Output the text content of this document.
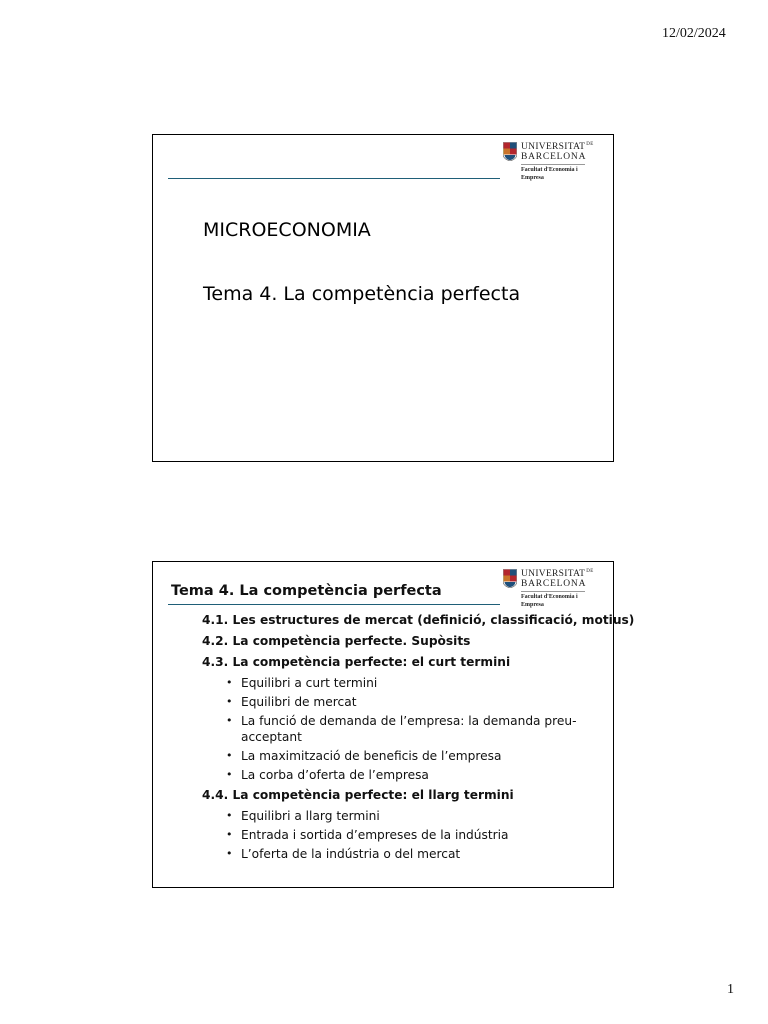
12/02/2024
$UNIVERSITAT^{DE}$
BARCELONA
Facultat d'Economia i Empresa
MICROECONOMIA
Tema 4. La competència perfecta
$UNIVERSITAT^{DE}$
BARCELONA
Facultat d'Economia i Empresa
Tema 4. La competència perfecta
4.1. Les estructures de mercat (definició, classificació, motius)
4.2. La competència perfecte. Supòsits
4.3. La competència perfecte: el curt termini
• Equilibri a curt termini
• Equilibri de mercat
• La funció de demanda de l’empresa: la demanda preu-acceptant
• La maximització de beneficis de l’empresa
• La corba d’oferta de l’empresa
4.4. La competència perfecte: el llarg termini
• Equilibri a llarg termini
• Entrada i sortida d’empreses de la indústria
• L’oferta de la indústria o del mercat
1
